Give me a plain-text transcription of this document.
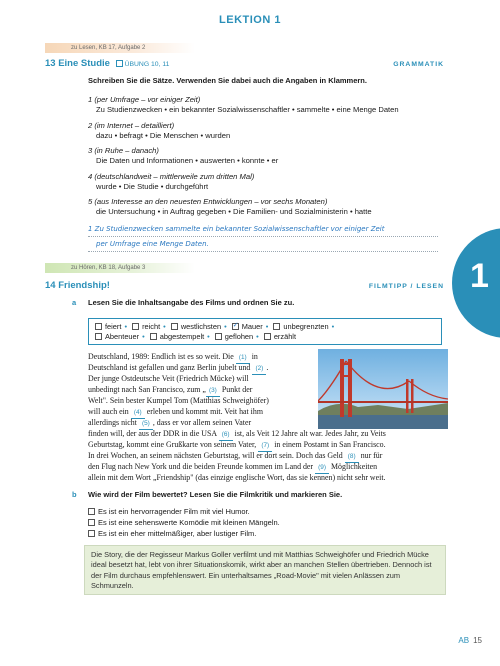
LEKTION 1
zu Lesen, KB 17, Aufgabe 2
13 Eine Studie ÜBUNG 10, 11	GRAMMATIK
Schreiben Sie die Sätze. Verwenden Sie dabei auch die Angaben in Klammern.
1 (per Umfrage – vor einiger Zeit)
Zu Studienzwecken • ein bekannter Sozialwissenschaftler • sammelte • eine Menge Daten
2 (im Internet – detailliert)
dazu • befragt • Die Menschen • wurden
3 (in Ruhe – danach)
Die Daten und Informationen • auswerten • konnte • er
4 (deutschlandweit – mittlerweile zum dritten Mal)
wurde • Die Studie • durchgeführt
5 (aus Interesse an den neuesten Entwicklungen – vor sechs Monaten)
die Untersuchung • in Auftrag gegeben • Die Familien- und Sozialministerin • hatte
1 Zu Studienzwecken sammelte ein bekannter Sozialwissenschaftler vor einiger Zeit
per Umfrage eine Menge Daten.
zu Hören, KB 18, Aufgabe 3
14 Friendship!	FILMTIPP / LESEN
a Lesen Sie die Inhaltsangabe des Films und ordnen Sie zu.
feiert • reicht • westlichsten • ✓ Mauer • unbegrenzten •
Abenteuer • abgestempelt • geflohen • erzählt
Deutschland, 1989: Endlich ist es so weit. Die (1) in
Deutschland ist gefallen und ganz Berlin jubelt und (2) .
Der junge Ostdeutsche Veit (Friedrich Mücke) will
unbedingt nach San Francisco, zum „ (3) Punkt der
Welt". Sein bester Kumpel Tom (Matthias Schweighöfer)
will auch ein (4) erleben und kommt mit. Veit hat ihm
allerdings nicht (5) , dass er vor allem seinen Vater
finden will, der aus der DDR in die USA (6) ist, als Veit 12 Jahre alt war. Jedes Jahr, zu Veits
Geburtstag, kommt eine Grußkarte von seinem Vater, (7) in einem Postamt in San Francisco.
In drei Wochen, an seinem nächsten Geburtstag, will er dort sein. Doch das Geld (8) nur für
den Flug nach New York und die beiden Freunde kommen im Land der (9) Möglichkeiten
allein mit dem Wort „Friendship" (das einzige englische Wort, das sie kennen) nicht sehr weit.
b Wie wird der Film bewertet? Lesen Sie die Filmkritik und markieren Sie.
Es ist ein hervorragender Film mit viel Humor.
Es ist eine sehenswerte Komödie mit kleinen Mängeln.
Es ist ein eher mittelmäßiger, aber lustiger Film.
Die Story, die der Regisseur Markus Goller verfilmt und mit Matthias Schweighöfer und Friedrich Mücke ideal besetzt hat, lebt von ihrer Situationskomik, wirkt aber an manchen Stellen übertrieben. Dennoch ist der Film durchaus empfehlenswert. Ein unterhaltsames „Road-Movie" mit vielen Anlässen zum Schmunzeln.
1
AB 15
